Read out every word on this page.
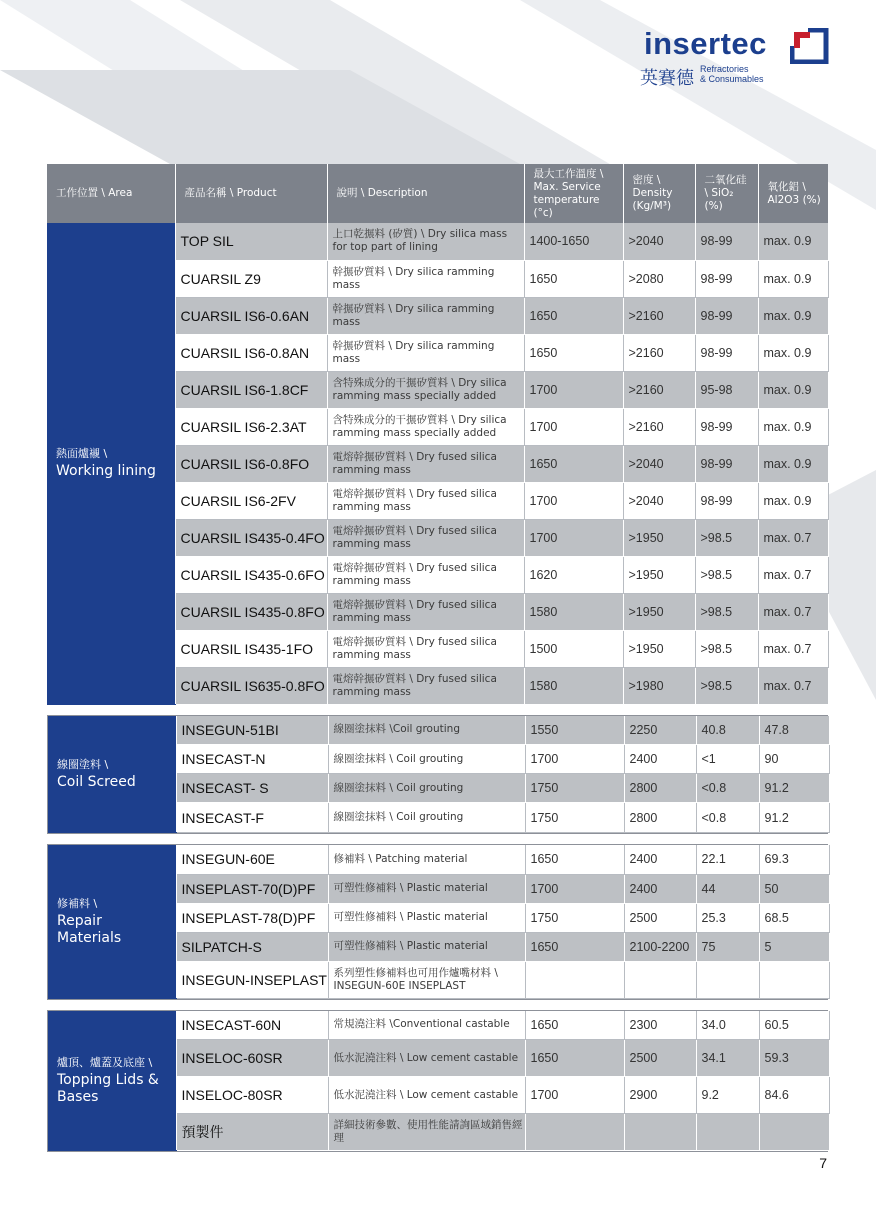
insertec
英賽德 Refractories
& Consumables
工作位置 \ Area	產品名稱 \ Product	說明 \ Description	最大工作溫度 \ Max. Service temperature (°c)	密度 \ Density (Kg/M³)	二氧化硅 \ SiO₂ (%)	氧化鋁 \ Al2O3 (%)
熱面爐襯 \
Working lining	TOP SIL	上口乾搌料 (矽質) \ Dry silica mass for top part of lining	1400-1650	>2040	98-99	max. 0.9
	CUARSIL Z9	幹搌矽質料 \ Dry silica ramming mass	1650	>2080	98-99	max. 0.9
	CUARSIL IS6-0.6AN	幹搌矽質料 \ Dry silica ramming mass	1650	>2160	98-99	max. 0.9
	CUARSIL IS6-0.8AN	幹搌矽質料 \ Dry silica ramming mass	1650	>2160	98-99	max. 0.9
	CUARSIL IS6-1.8CF	含特殊成分的干搌矽質料 \ Dry silica ramming mass specially added	1700	>2160	95-98	max. 0.9
	CUARSIL IS6-2.3AT	含特殊成分的干搌矽質料 \ Dry silica ramming mass specially added	1700	>2160	98-99	max. 0.9
	CUARSIL IS6-0.8FO	電熔幹搌矽質料 \ Dry fused silica ramming mass	1650	>2040	98-99	max. 0.9
	CUARSIL IS6-2FV	電熔幹搌矽質料 \ Dry fused silica ramming mass	1700	>2040	98-99	max. 0.9
	CUARSIL IS435-0.4FO	電熔幹搌矽質料 \ Dry fused silica ramming mass	1700	>1950	>98.5	max. 0.7
	CUARSIL IS435-0.6FO	電熔幹搌矽質料 \ Dry fused silica ramming mass	1620	>1950	>98.5	max. 0.7
	CUARSIL IS435-0.8FO	電熔幹搌矽質料 \ Dry fused silica ramming mass	1580	>1950	>98.5	max. 0.7
	CUARSIL IS435-1FO	電熔幹搌矽質料 \ Dry fused silica ramming mass	1500	>1950	>98.5	max. 0.7
	CUARSIL IS635-0.8FO	電熔幹搌矽質料 \ Dry fused silica ramming mass	1580	>1980	>98.5	max. 0.7
線圈塗料 \
Coil Screed	INSEGUN-51BI	線圈塗抹料 \Coil grouting	1550	2250	40.8	47.8
	INSECAST-N	線圈塗抹料 \ Coil grouting	1700	2400	<1	90
	INSECAST- S	線圈塗抹料 \ Coil grouting	1750	2800	<0.8	91.2
	INSECAST-F	線圈塗抹料 \ Coil grouting	1750	2800	<0.8	91.2
修補料 \
Repair Materials	INSEGUN-60E	修補料 \ Patching material	1650	2400	22.1	69.3
	INSEPLAST-70(D)PF	可塑性修補料 \ Plastic material	1700	2400	44	50
	INSEPLAST-78(D)PF	可塑性修補料 \ Plastic material	1750	2500	25.3	68.5
	SILPATCH-S	可塑性修補料 \ Plastic material	1650	2100-2200	75	5
	INSEGUN-INSEPLAST	系列塑性修補料也可用作爐嘴材料 \ INSEGUN-60E INSEPLAST				
爐頂、爐蓋及底座 \
Topping Lids & Bases	INSECAST-60N	常規澆注料 \Conventional castable	1650	2300	34.0	60.5
	INSELOC-60SR	低水泥澆注料 \ Low cement castable	1650	2500	34.1	59.3
	INSELOC-80SR	低水泥澆注料 \ Low cement castable	1700	2900	9.2	84.6
	預製件	詳細技術參數、使用性能請詢區域銷售經理				
7
